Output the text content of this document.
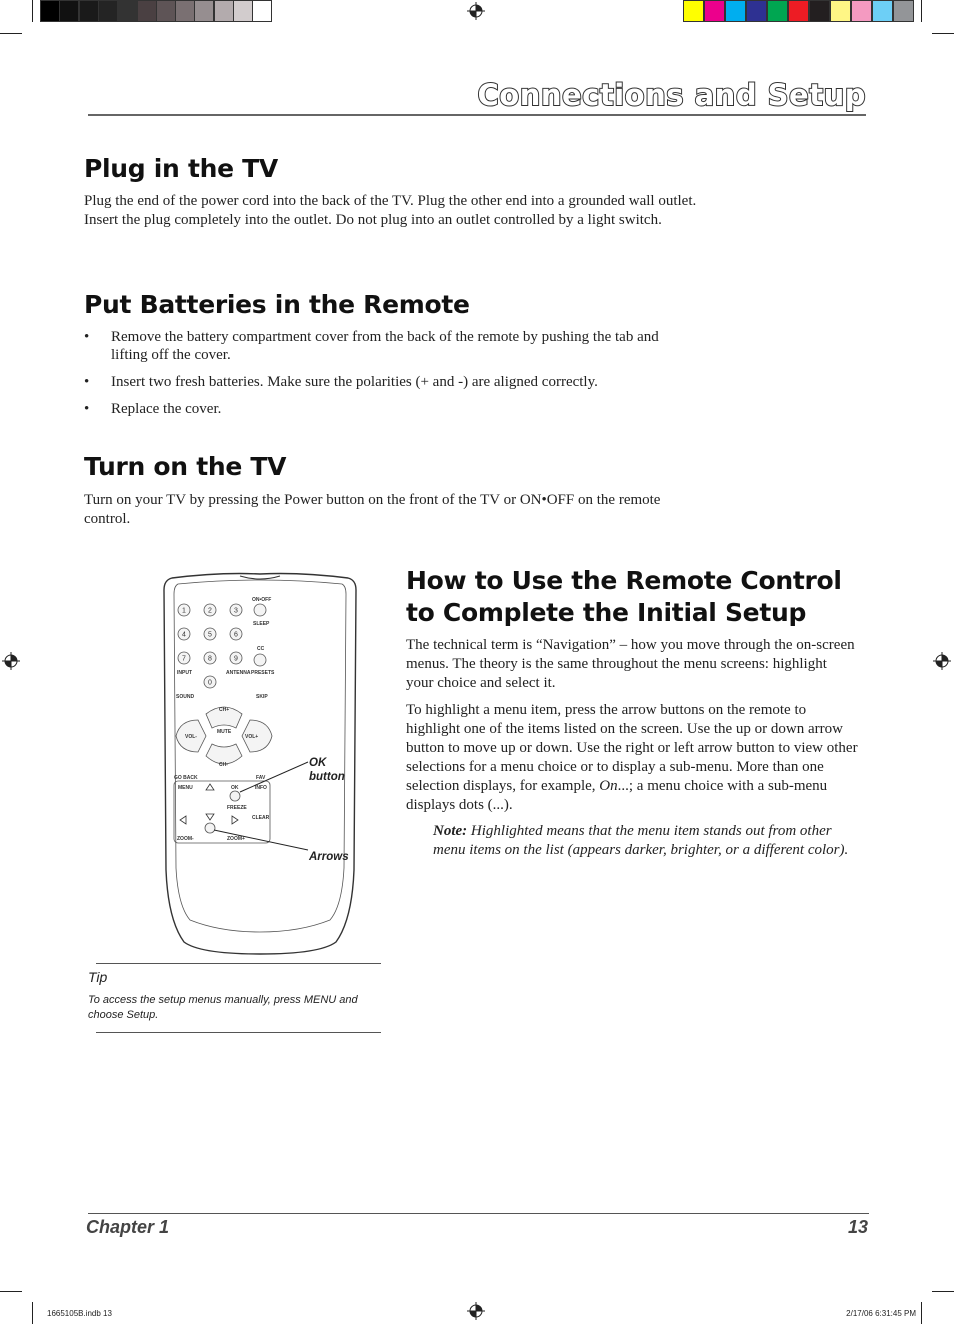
Connections and Setup
Plug in the TV

Plug the end of the power cord into the back of the TV. Plug the other end into a grounded wall outlet. Insert the plug completely into the outlet. Do not plug into an outlet controlled by a light switch.

Put Batteries in the Remote
• Remove the battery compartment cover from the back of the remote by pushing the tab and lifting off the cover.
• Insert two fresh batteries. Make sure the polarities (+ and -) are aligned correctly.
• Replace the cover.
Turn on the TV

Turn on your TV by pressing the Power button on the front of the TV or ON•OFF on the remote control.

How to Use the Remote Control to Complete the Initial Setup

The technical term is “Navigation” – how you move through the on-screen menus. The theory is the same throughout the menu screens: highlight your choice and select it.

To highlight a menu item, press the arrow buttons on the remote to highlight one of the items listed on the screen. Use the up or down arrow button to move up or down. Use the right or left arrow button to view other selections for a menu choice or to display a sub-menu. More than one selection displays, for example, On...; a menu choice with a sub-menu displays dots (...).

Note: Highlighted means that the menu item stands out from other menu items on the list (appears darker, brighter, or a different color).

1	2	3
4	5	6
7	8	9
0
ON•OFF
SLEEP
CC
INPUT	ANTENNA PRESETS
SOUND	SKIP
CH+
MUTE
VOL-	VOL+
CH-
GO BACK	FAV
MENU	OK	INFO
FREEZE
CLEAR
ZOOM-	ZOOM+
OK
button
Arrows
Tip
To access the setup menus manually, press MENU and choose Setup.
Chapter 1	13
1665105B.indb 13	2/17/06 6:31:45 PM
